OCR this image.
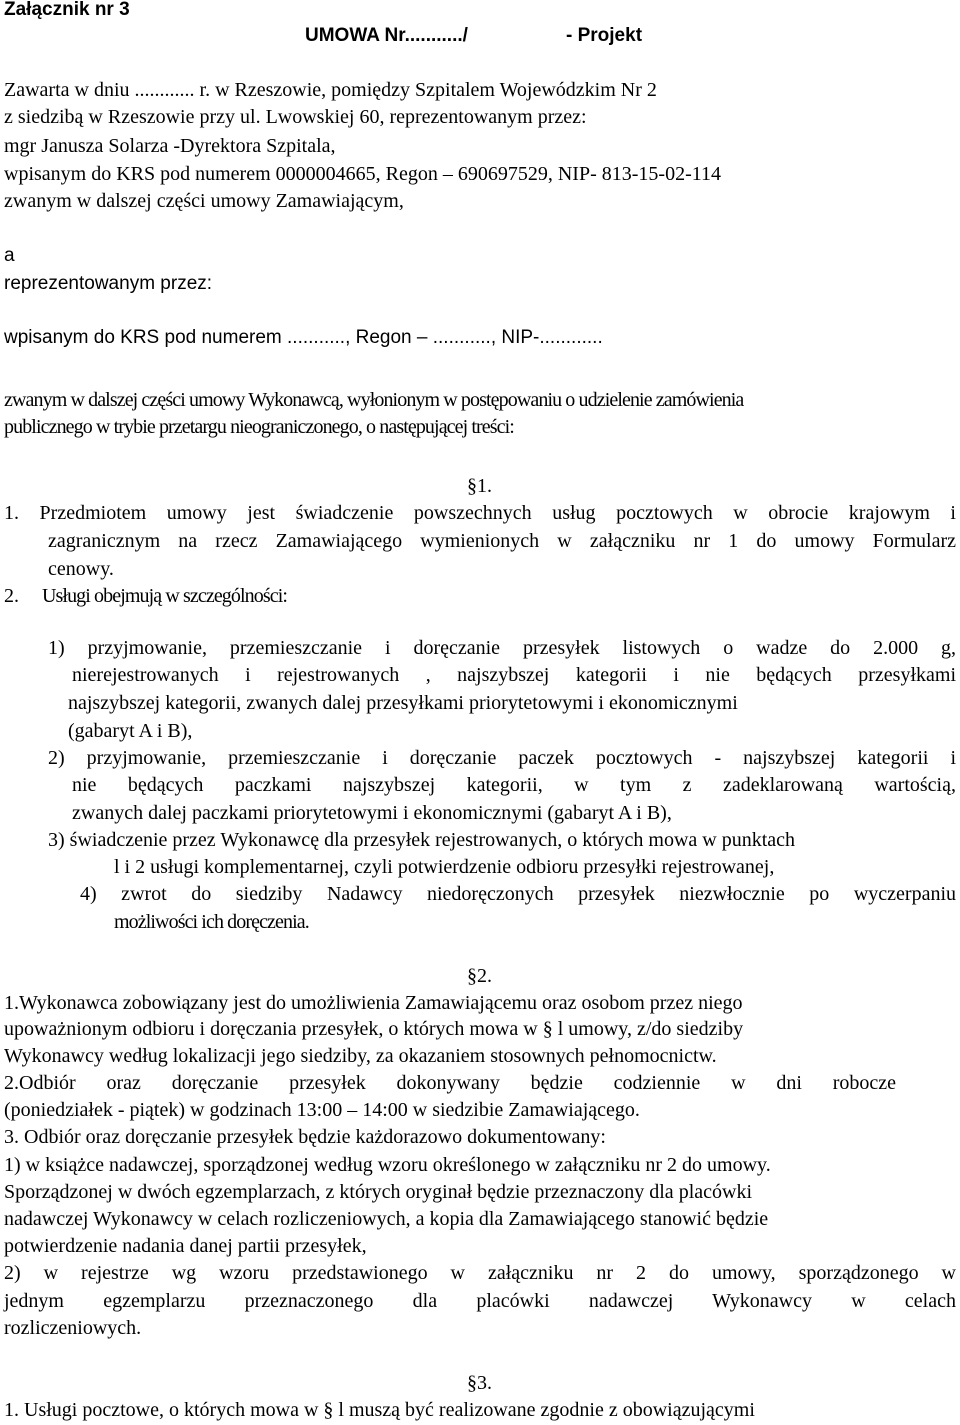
Załącznik nr 3
UMOWA Nr.........../	- Projekt
Zawarta w dniu ............ r. w Rzeszowie, pomiędzy Szpitalem Wojewódzkim Nr 2
z siedzibą w Rzeszowie przy ul. Lwowskiej 60, reprezentowanym przez:
mgr Janusza Solarza -Dyrektora Szpitala,
wpisanym do KRS pod numerem 0000004665, Regon – 690697529, NIP- 813-15-02-114
zwanym w dalszej części umowy Zamawiającym,
a
reprezentowanym przez:
wpisanym do KRS pod numerem ..........., Regon – ..........., NIP-............
zwanym w dalszej części umowy Wykonawcą, wyłonionym w postępowaniu o udzielenie zamówienia
publicznego w trybie przetargu nieograniczonego, o następującej treści:
§1.
1. Przedmiotem umowy jest świadczenie powszechnych usług pocztowych w obrocie krajowym i
zagranicznym na rzecz Zamawiającego wymienionych w załączniku nr 1 do umowy Formularz
cenowy.
2. Usługi obejmują w szczególności:
1) przyjmowanie, przemieszczanie i doręczanie przesyłek listowych o wadze do 2.000 g,
nierejestrowanych i rejestrowanych , najszybszej kategorii i nie będących przesyłkami
najszybszej kategorii, zwanych dalej przesyłkami priorytetowymi i ekonomicznymi
(gabaryt A i B),
2) przyjmowanie, przemieszczanie i doręczanie paczek pocztowych - najszybszej kategorii i
nie będących paczkami najszybszej kategorii, w tym z zadeklarowaną wartością,
zwanych dalej paczkami priorytetowymi i ekonomicznymi (gabaryt A i B),
3) świadczenie przez Wykonawcę dla przesyłek rejestrowanych, o których mowa w punktach
l i 2 usługi komplementarnej, czyli potwierdzenie odbioru przesyłki rejestrowanej,
4) zwrot do siedziby Nadawcy niedoręczonych przesyłek niezwłocznie po wyczerpaniu
możliwości ich doręczenia.
§2.
1.Wykonawca zobowiązany jest do umożliwienia Zamawiającemu oraz osobom przez niego
upoważnionym odbioru i doręczania przesyłek, o których mowa w § l umowy, z/do siedziby
Wykonawcy według lokalizacji jego siedziby, za okazaniem stosownych pełnomocnictw.
2.Odbiór oraz doręczanie przesyłek dokonywany będzie codziennie w dni robocze
(poniedziałek - piątek) w godzinach 13:00 – 14:00 w siedzibie Zamawiającego.
3. Odbiór oraz doręczanie przesyłek będzie każdorazowo dokumentowany:
1) w książce nadawczej, sporządzonej według wzoru określonego w załączniku nr 2 do umowy.
Sporządzonej w dwóch egzemplarzach, z których oryginał będzie przeznaczony dla placówki
nadawczej Wykonawcy w celach rozliczeniowych, a kopia dla Zamawiającego stanowić będzie
potwierdzenie nadania danej partii przesyłek,
2) w rejestrze wg wzoru przedstawionego w załączniku nr 2 do umowy, sporządzonego w
jednym egzemplarzu przeznaczonego dla placówki nadawczej Wykonawcy w celach
rozliczeniowych.
§3.
1. Usługi pocztowe, o których mowa w § l muszą być realizowane zgodnie z obowiązującymi
